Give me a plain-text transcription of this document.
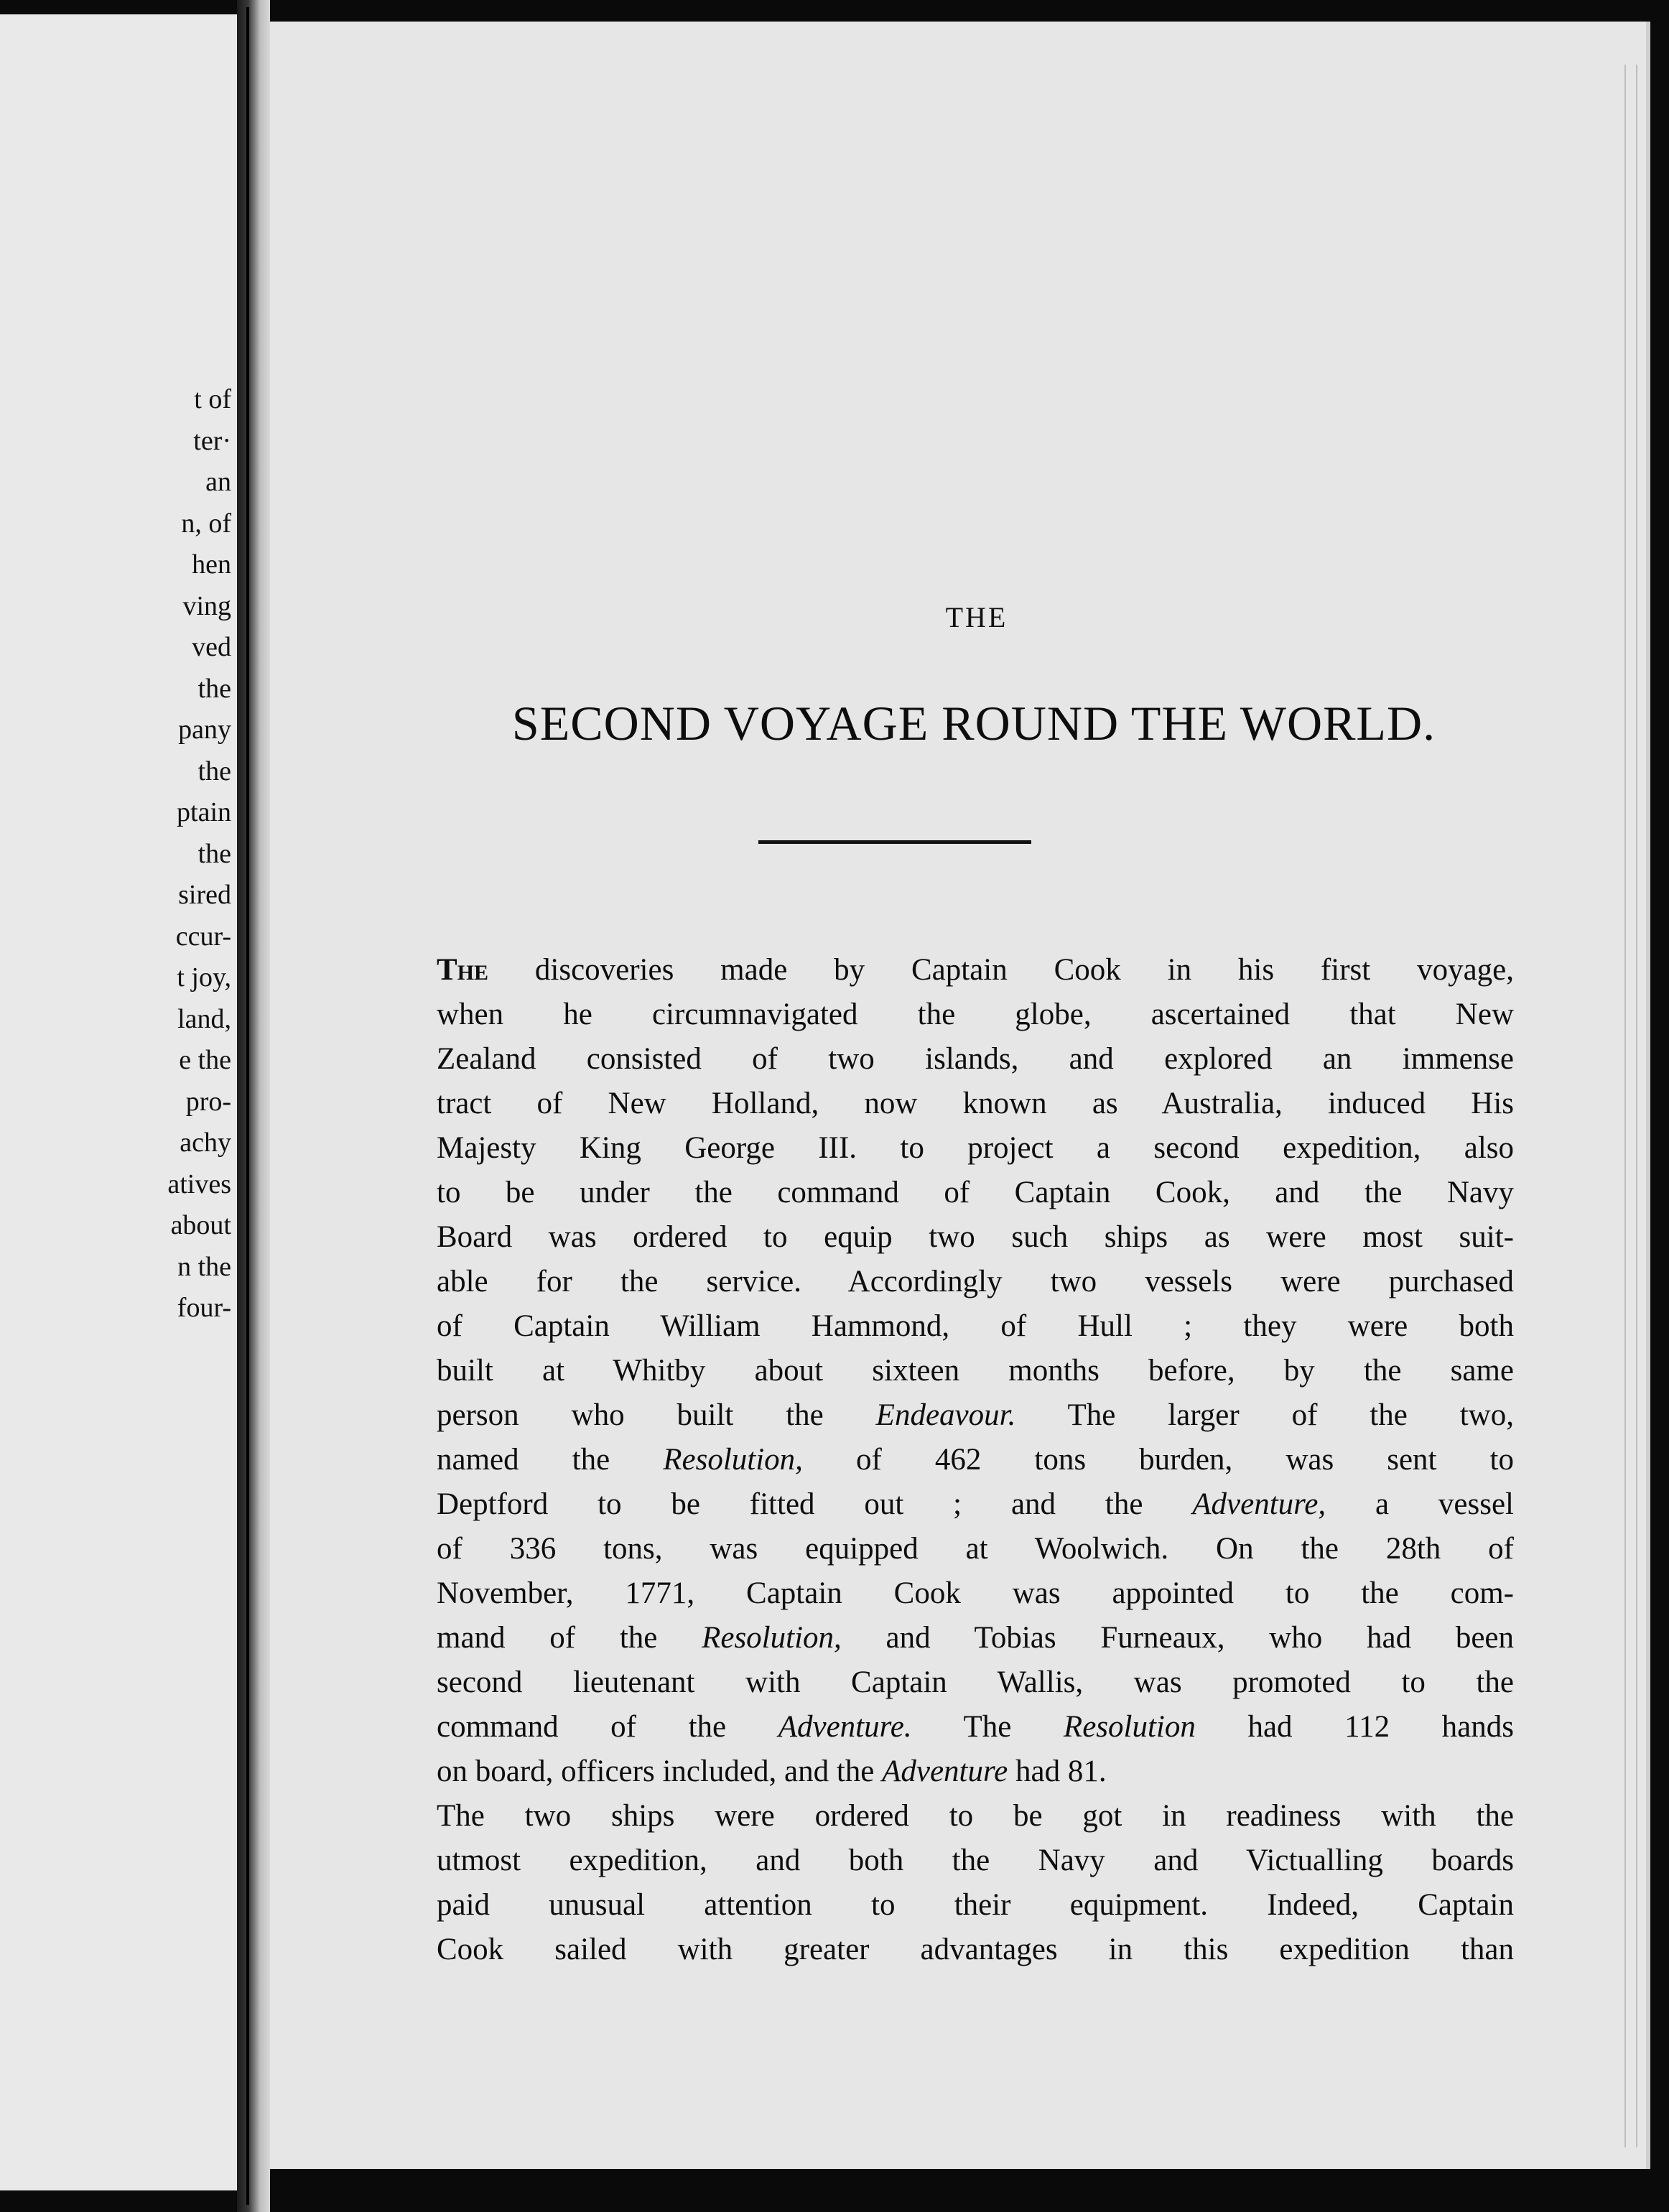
t of
ter·
an
n, of
hen
ving
ved
the
pany
the
ptain
the
sired
ccur-
t joy,
land,
e the
pro-
achy
atives
about
n the
four-
THE
SECOND VOYAGE ROUND THE WORLD.
The discoveries made by Captain Cook in his first voyage,
when he circumnavigated the globe, ascertained that New
Zealand consisted of two islands, and explored an immense
tract of New Holland, now known as Australia, induced His
Majesty King George III. to project a second expedition, also
to be under the command of Captain Cook, and the Navy
Board was ordered to equip two such ships as were most suit-
able for the service. Accordingly two vessels were purchased
of Captain William Hammond, of Hull ; they were both
built at Whitby about sixteen months before, by the same
person who built the Endeavour. The larger of the two,
named the Resolution, of 462 tons burden, was sent to
Deptford to be fitted out ; and the Adventure, a vessel
of 336 tons, was equipped at Woolwich. On the 28th of
November, 1771, Captain Cook was appointed to the com-
mand of the Resolution, and Tobias Furneaux, who had been
second lieutenant with Captain Wallis, was promoted to the
command of the Adventure. The Resolution had 112 hands
on board, officers included, and the Adventure had 81.
The two ships were ordered to be got in readiness with the
utmost expedition, and both the Navy and Victualling boards
paid unusual attention to their equipment. Indeed, Captain
Cook sailed with greater advantages in this expedition than
